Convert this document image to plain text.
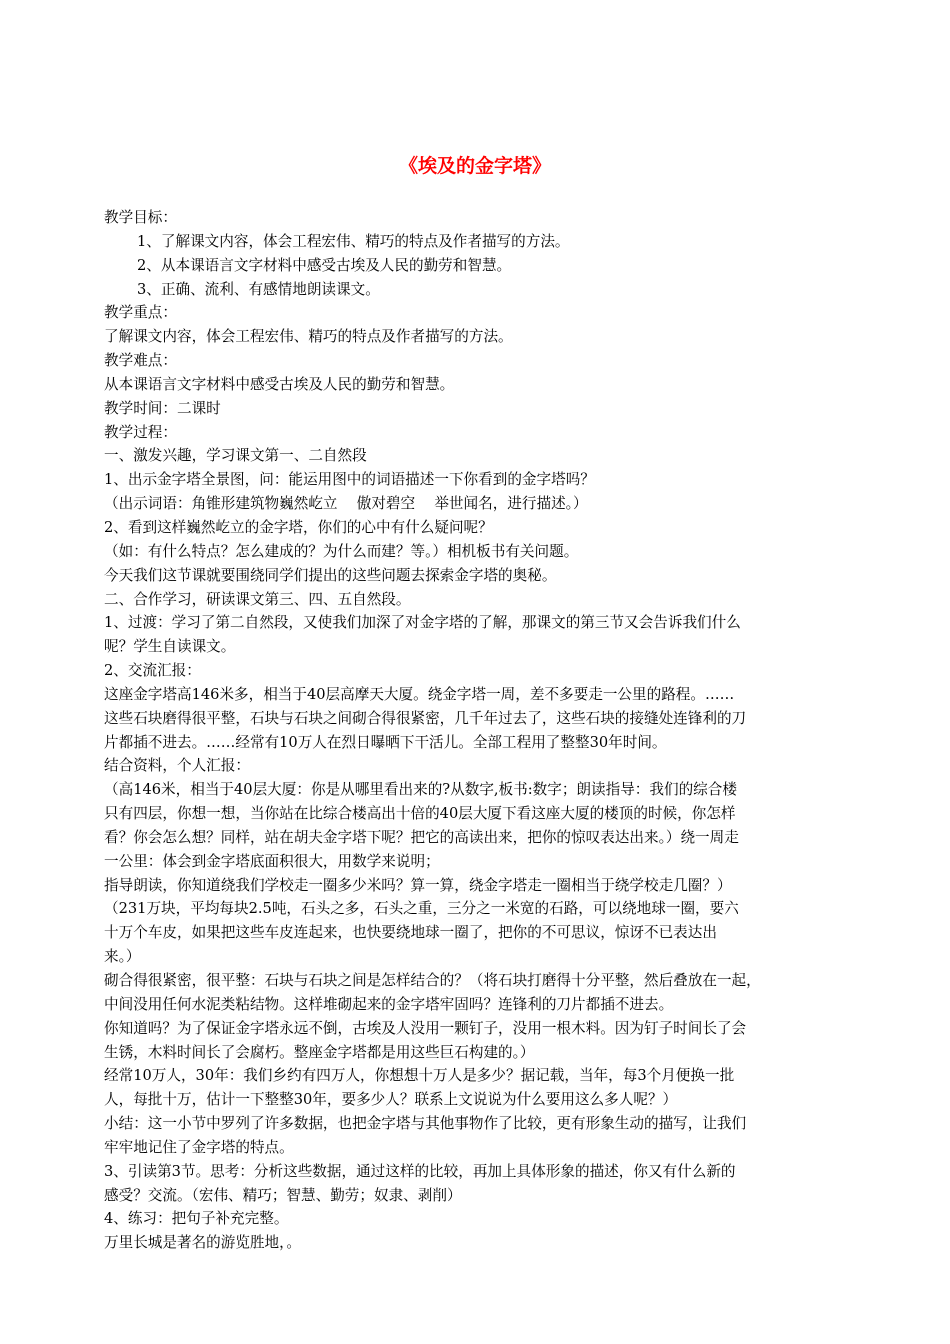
《埃及的金字塔》
教学目标：
1、了解课文内容，体会工程宏伟、精巧的特点及作者描写的方法。
2、从本课语言文字材料中感受古埃及人民的勤劳和智慧。
3、正确、流利、有感情地朗读课文。
教学重点：
了解课文内容，体会工程宏伟、精巧的特点及作者描写的方法。
教学难点：
从本课语言文字材料中感受古埃及人民的勤劳和智慧。
教学时间：二课时
教学过程：
一、激发兴趣，学习课文第一、二自然段
1、出示金字塔全景图，问：能运用图中的词语描述一下你看到的金字塔吗？
（出示词语：角锥形建筑物巍然屹立　 傲对碧空　 举世闻名，进行描述。）
2、看到这样巍然屹立的金字塔，你们的心中有什么疑问呢？
（如：有什么特点？怎么建成的？为什么而建？等。）相机板书有关问题。
今天我们这节课就要围绕同学们提出的这些问题去探索金字塔的奥秘。
二、合作学习，研读课文第三、四、五自然段。
1、过渡：学习了第二自然段，又使我们加深了对金字塔的了解，那课文的第三节又会告诉我们什么
呢？学生自读课文。
2、交流汇报：
这座金字塔高146米多，相当于40层高摩天大厦。绕金字塔一周，差不多要走一公里的路程。……
这些石块磨得很平整，石块与石块之间砌合得很紧密，几千年过去了，这些石块的接缝处连锋利的刀
片都插不进去。……经常有10万人在烈日曝晒下干活儿。全部工程用了整整30年时间。
结合资料，个人汇报：
（高146米，相当于40层大厦：你是从哪里看出来的?从数字,板书:数字；朗读指导：我们的综合楼
只有四层，你想一想，当你站在比综合楼高出十倍的40层大厦下看这座大厦的楼顶的时候，你怎样
看？你会怎么想？同样，站在胡夫金字塔下呢？把它的高读出来，把你的惊叹表达出来。）绕一周走
一公里：体会到金字塔底面积很大，用数学来说明；
指导朗读，你知道绕我们学校走一圈多少米吗？算一算，绕金字塔走一圈相当于绕学校走几圈？）
（231万块，平均每块2.5吨，石头之多，石头之重，三分之一米宽的石路，可以绕地球一圈，要六
十万个车皮，如果把这些车皮连起来，也快要绕地球一圈了，把你的不可思议，惊讶不已表达出
来。）
砌合得很紧密，很平整：石块与石块之间是怎样结合的？（将石块打磨得十分平整，然后叠放在一起，
中间没用任何水泥类粘结物。这样堆砌起来的金字塔牢固吗？连锋利的刀片都插不进去。
你知道吗？为了保证金字塔永远不倒，古埃及人没用一颗钉子，没用一根木料。因为钉子时间长了会
生锈，木料时间长了会腐朽。整座金字塔都是用这些巨石构建的。）
经常10万人，30年：我们乡约有四万人，你想想十万人是多少？据记载，当年，每3个月便换一批
人，每批十万，估计一下整整30年，要多少人？联系上文说说为什么要用这么多人呢？）
小结：这一小节中罗列了许多数据，也把金字塔与其他事物作了比较，更有形象生动的描写，让我们
牢牢地记住了金字塔的特点。
3、引读第3节。思考：分析这些数据，通过这样的比较，再加上具体形象的描述，你又有什么新的
感受？交流。（宏伟、精巧；智慧、勤劳；奴隶、剥削）
4、练习：把句子补充完整。
万里长城是著名的游览胜地，。
